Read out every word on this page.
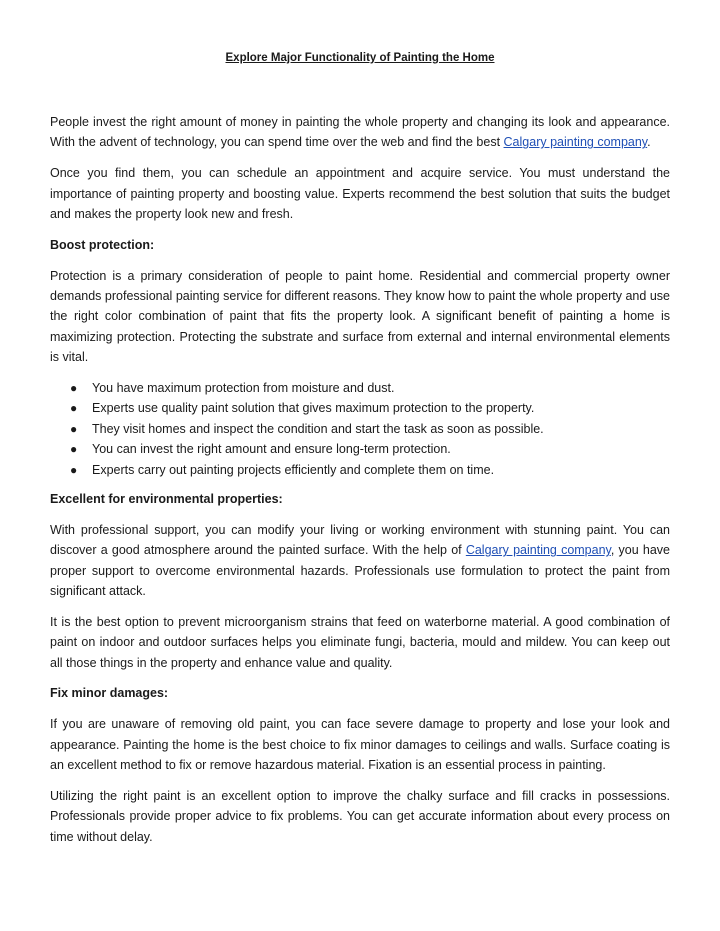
Explore Major Functionality of Painting the Home

People invest the right amount of money in painting the whole property and changing its look and appearance. With the advent of technology, you can spend time over the web and find the best Calgary painting company.

Once you find them, you can schedule an appointment and acquire service. You must understand the importance of painting property and boosting value. Experts recommend the best solution that suits the budget and makes the property look new and fresh.

Boost protection:

Protection is a primary consideration of people to paint home. Residential and commercial property owner demands professional painting service for different reasons. They know how to paint the whole property and use the right color combination of paint that fits the property look. A significant benefit of painting a home is maximizing protection. Protecting the substrate and surface from external and internal environmental elements is vital.

● You have maximum protection from moisture and dust.
● Experts use quality paint solution that gives maximum protection to the property.
● They visit homes and inspect the condition and start the task as soon as possible.
● You can invest the right amount and ensure long-term protection.
● Experts carry out painting projects efficiently and complete them on time.

Excellent for environmental properties:

With professional support, you can modify your living or working environment with stunning paint. You can discover a good atmosphere around the painted surface. With the help of Calgary painting company, you have proper support to overcome environmental hazards. Professionals use formulation to protect the paint from significant attack.

It is the best option to prevent microorganism strains that feed on waterborne material. A good combination of paint on indoor and outdoor surfaces helps you eliminate fungi, bacteria, mould and mildew. You can keep out all those things in the property and enhance value and quality.

Fix minor damages:

If you are unaware of removing old paint, you can face severe damage to property and lose your look and appearance. Painting the home is the best choice to fix minor damages to ceilings and walls. Surface coating is an excellent method to fix or remove hazardous material. Fixation is an essential process in painting.

Utilizing the right paint is an excellent option to improve the chalky surface and fill cracks in possessions. Professionals provide proper advice to fix problems. You can get accurate information about every process on time without delay.
